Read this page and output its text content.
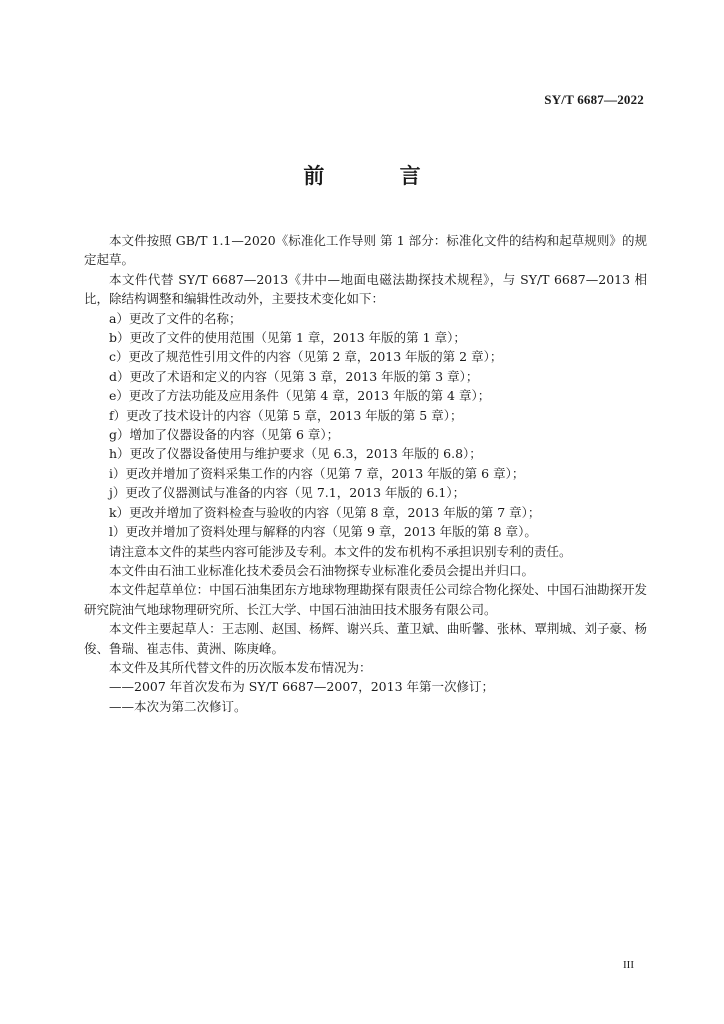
SY/T 6687—2022
前 言

本文件按照 GB/T 1.1—2020《标准化工作导则 第 1 部分：标准化文件的结构和起草规则》的规定起草。

本文件代替 SY/T 6687—2013《井中—地面电磁法勘探技术规程》，与 SY/T 6687—2013 相比，除结构调整和编辑性改动外，主要技术变化如下：

a）更改了文件的名称；

b）更改了文件的使用范围（见第 1 章，2013 年版的第 1 章）；

c）更改了规范性引用文件的内容（见第 2 章，2013 年版的第 2 章）；

d）更改了术语和定义的内容（见第 3 章，2013 年版的第 3 章）；

e）更改了方法功能及应用条件（见第 4 章，2013 年版的第 4 章）；

f）更改了技术设计的内容（见第 5 章，2013 年版的第 5 章）；

g）增加了仪器设备的内容（见第 6 章）；

h）更改了仪器设备使用与维护要求（见 6.3，2013 年版的 6.8）；

i）更改并增加了资料采集工作的内容（见第 7 章，2013 年版的第 6 章）；

j）更改了仪器测试与准备的内容（见 7.1，2013 年版的 6.1）；

k）更改并增加了资料检查与验收的内容（见第 8 章，2013 年版的第 7 章）；

l）更改并增加了资料处理与解释的内容（见第 9 章，2013 年版的第 8 章）。

请注意本文件的某些内容可能涉及专利。本文件的发布机构不承担识别专利的责任。

本文件由石油工业标准化技术委员会石油物探专业标准化委员会提出并归口。

本文件起草单位：中国石油集团东方地球物理勘探有限责任公司综合物化探处、中国石油勘探开发研究院油气地球物理研究所、长江大学、中国石油油田技术服务有限公司。

本文件主要起草人：王志刚、赵国、杨辉、谢兴兵、董卫斌、曲昕馨、张林、覃荆城、刘子豪、杨俊、鲁瑞、崔志伟、黄洲、陈庚峰。

本文件及其所代替文件的历次版本发布情况为：

——2007 年首次发布为 SY/T 6687—2007，2013 年第一次修订；

——本次为第二次修订。

III
